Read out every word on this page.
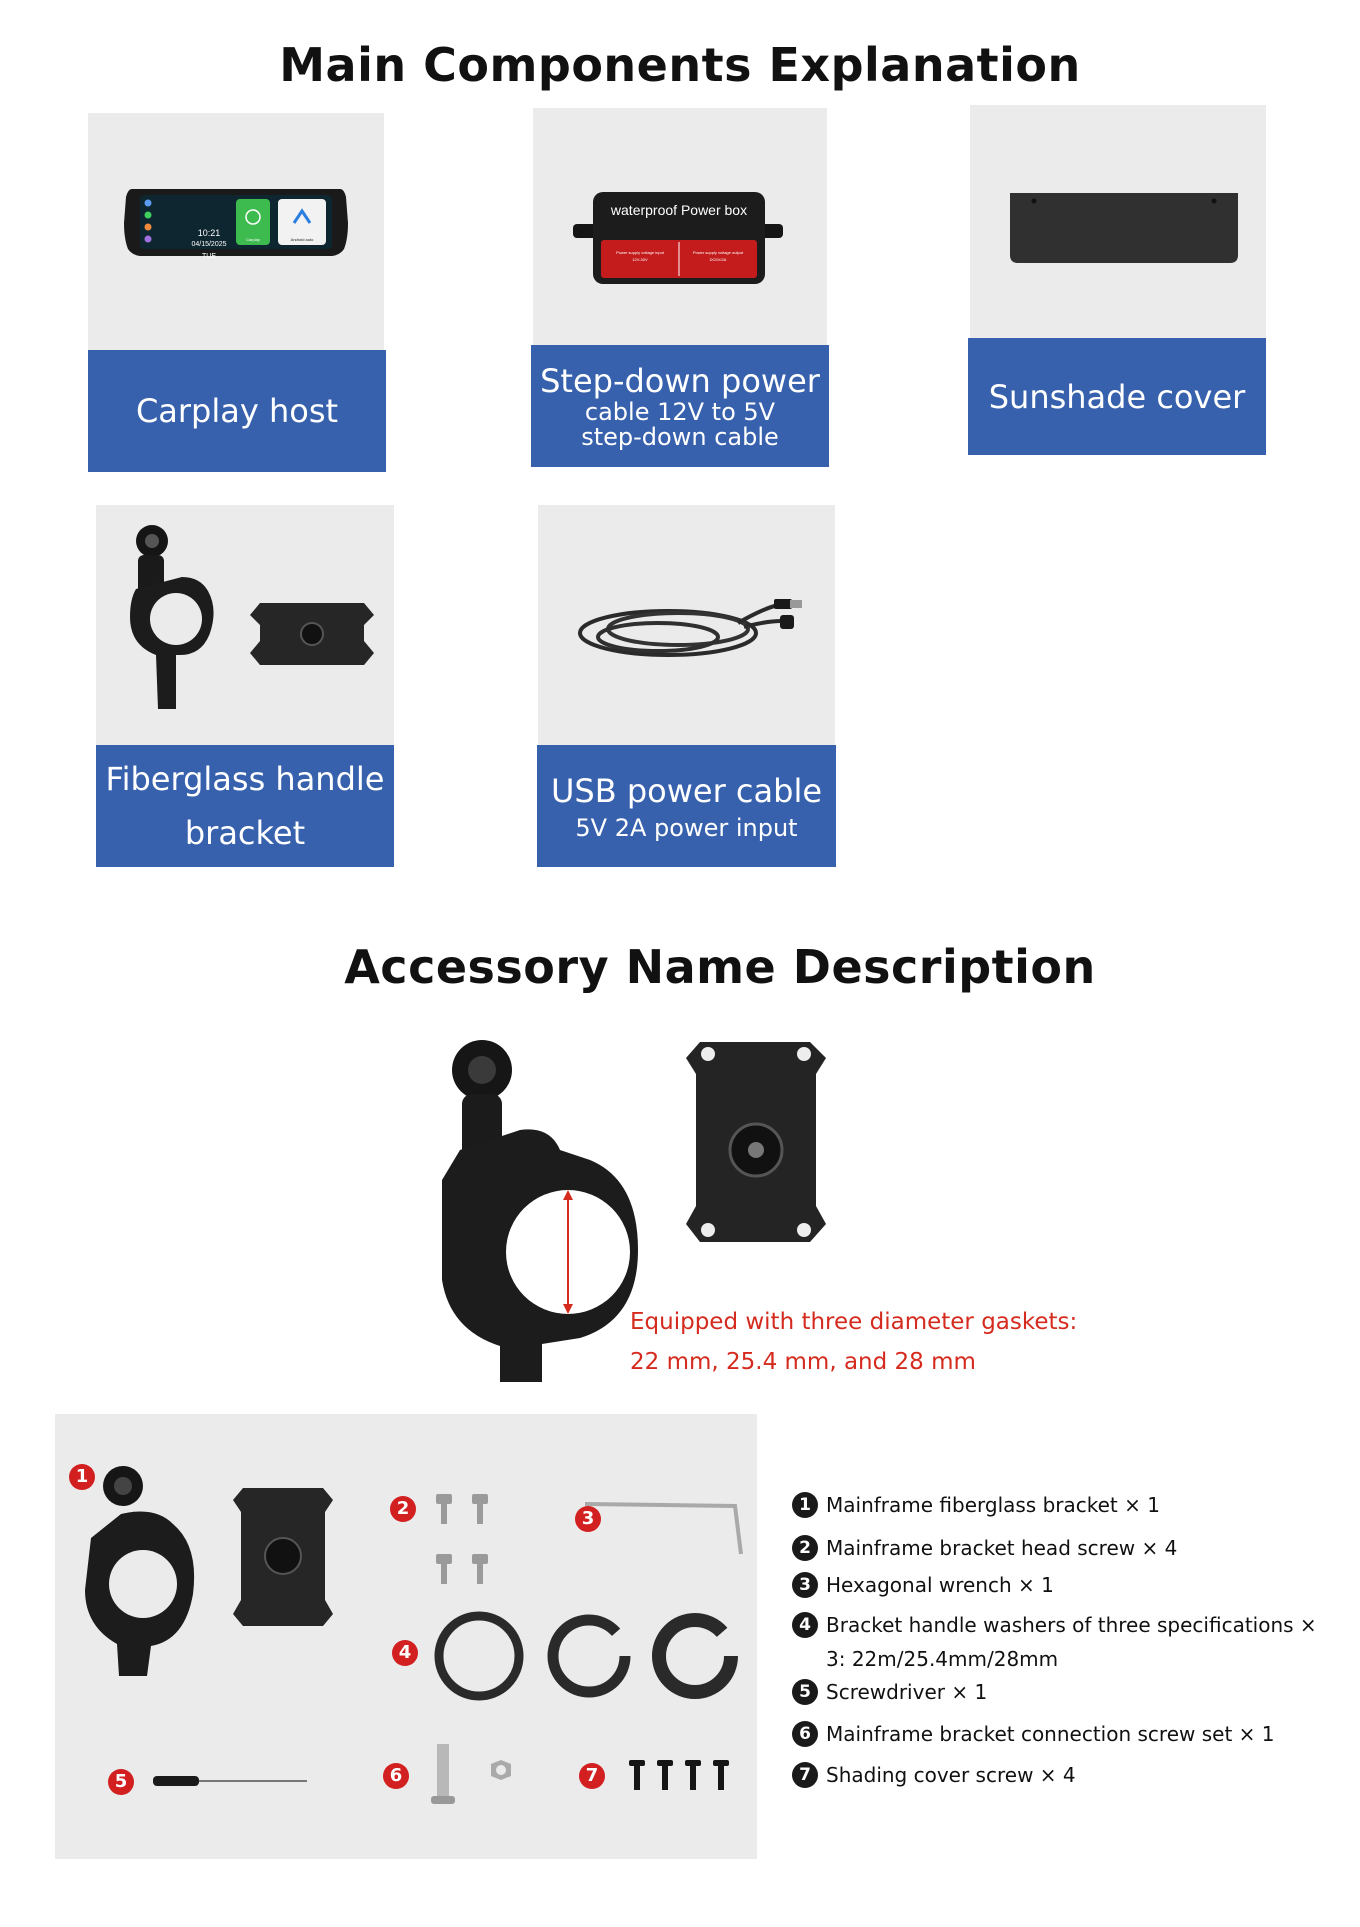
Main Components Explanation
10:21
04/15/2025
TUE
Carplay	Android auto
Carplay host
waterproof Power box
Power supply voltage input
12V-30V
Power supply voltage output
DC5V/2A
Step-down power
cable 12V to 5V step-down cable
Sunshade cover
Fiberglass handle bracket
USB power cable
5V 2A power input
Accessory Name Description
Equipped with three diameter gaskets:
22 mm, 25.4 mm, and 28 mm
1
2	3
4
5	6	7
1 Mainframe fiberglass bracket × 1
2 Mainframe bracket head screw × 4
3 Hexagonal wrench × 1
4 Bracket handle washers of three specifications × 3: 22m/25.4mm/28mm
5 Screwdriver × 1
6 Mainframe bracket connection screw set × 1
7 Shading cover screw × 4
